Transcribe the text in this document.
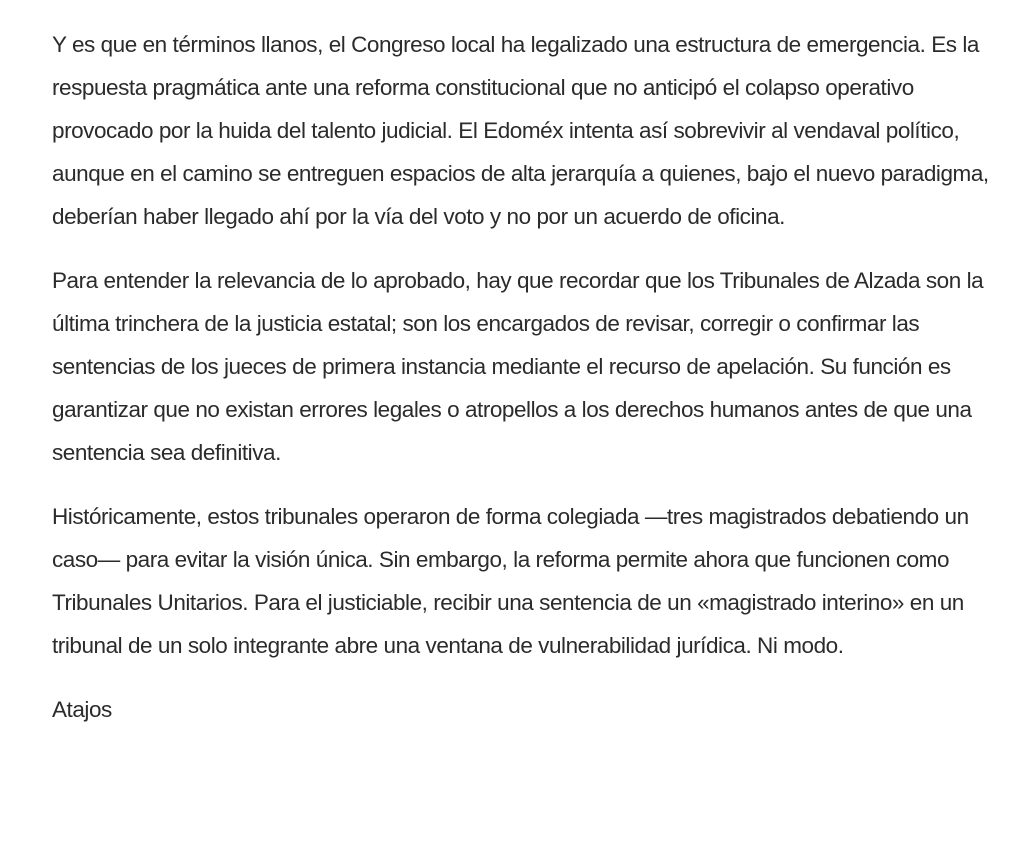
Y es que en términos llanos, el Congreso local ha legalizado una estructura de emergencia. Es la respuesta pragmática ante una reforma constitucional que no anticipó el colapso operativo provocado por la huida del talento judicial. El Edoméx intenta así sobrevivir al vendaval político, aunque en el camino se entreguen espacios de alta jerarquía a quienes, bajo el nuevo paradigma, deberían haber llegado ahí por la vía del voto y no por un acuerdo de oficina.

Para entender la relevancia de lo aprobado, hay que recordar que los Tribunales de Alzada son la última trinchera de la justicia estatal; son los encargados de revisar, corregir o confirmar las sentencias de los jueces de primera instancia mediante el recurso de apelación. Su función es garantizar que no existan errores legales o atropellos a los derechos humanos antes de que una sentencia sea definitiva.

Históricamente, estos tribunales operaron de forma colegiada —tres magistrados debatiendo un caso— para evitar la visión única. Sin embargo, la reforma permite ahora que funcionen como Tribunales Unitarios. Para el justiciable, recibir una sentencia de un «magistrado interino» en un tribunal de un solo integrante abre una ventana de vulnerabilidad jurídica. Ni modo.

Atajos
